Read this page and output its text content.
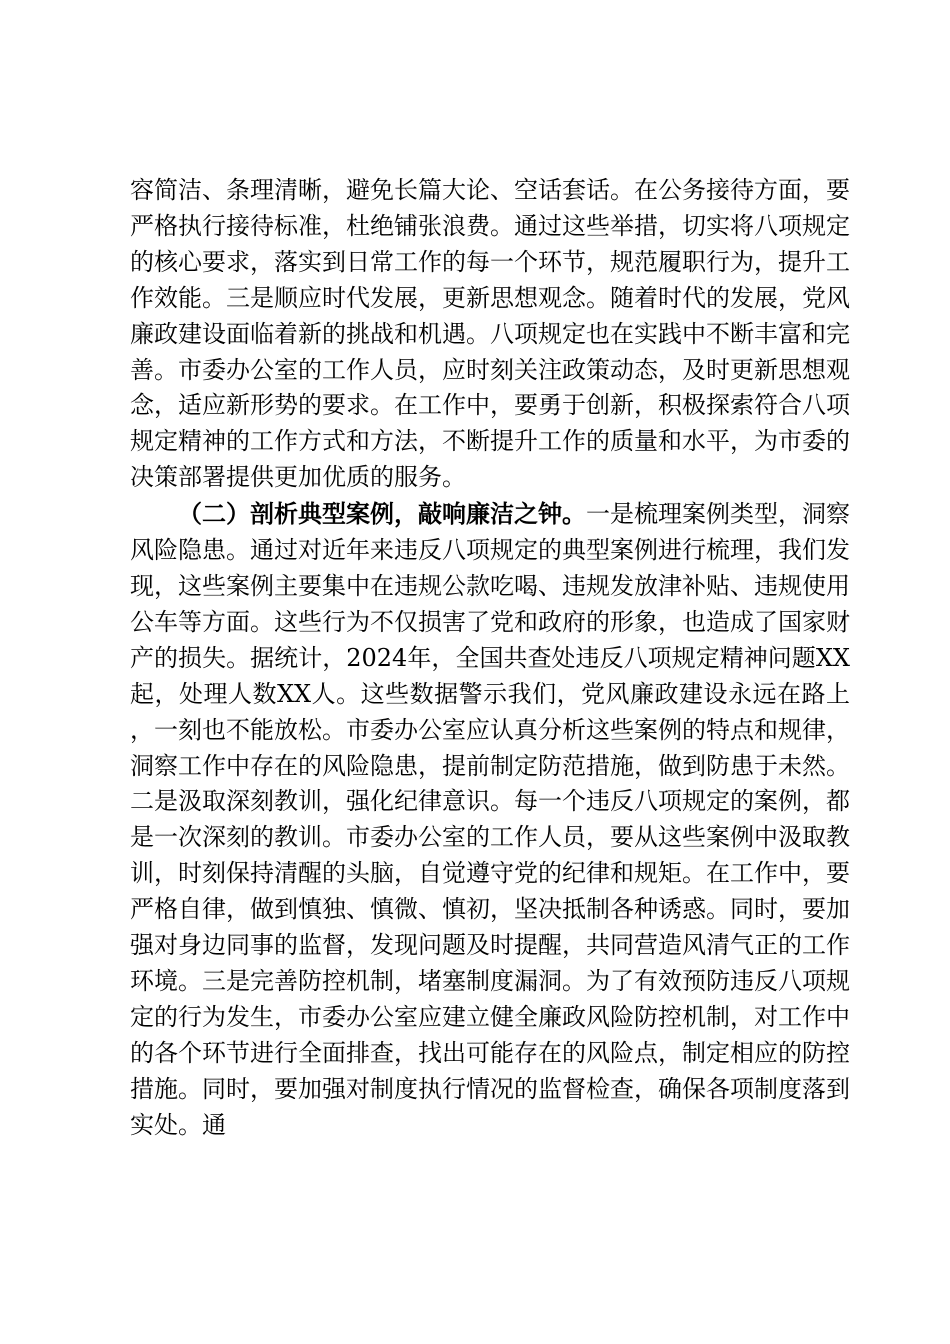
容简洁、条理清晰，避免长篇大论、空话套话。在公务接待方面，要严格执行接待标准，杜绝铺张浪费。通过这些举措，切实将八项规定的核心要求，落实到日常工作的每一个环节，规范履职行为，提升工作效能。三是顺应时代发展，更新思想观念。随着时代的发展，党风廉政建设面临着新的挑战和机遇。八项规定也在实践中不断丰富和完善。市委办公室的工作人员，应时刻关注政策动态，及时更新思想观念，适应新形势的要求。在工作中，要勇于创新，积极探索符合八项规定精神的工作方式和方法，不断提升工作的质量和水平，为市委的决策部署提供更加优质的服务。

（二）剖析典型案例，敲响廉洁之钟。一是梳理案例类型，洞察风险隐患。通过对近年来违反八项规定的典型案例进行梳理，我们发现，这些案例主要集中在违规公款吃喝、违规发放津补贴、违规使用公车等方面。这些行为不仅损害了党和政府的形象，也造成了国家财产的损失。据统计，2024年，全国共查处违反八项规定精神问题XX起，处理人数XX人。这些数据警示我们，党风廉政建设永远在路上，一刻也不能放松。市委办公室应认真分析这些案例的特点和规律，洞察工作中存在的风险隐患，提前制定防范措施，做到防患于未然。二是汲取深刻教训，强化纪律意识。每一个违反八项规定的案例，都是一次深刻的教训。市委办公室的工作人员，要从这些案例中汲取教训，时刻保持清醒的头脑，自觉遵守党的纪律和规矩。在工作中，要严格自律，做到慎独、慎微、慎初，坚决抵制各种诱惑。同时，要加强对身边同事的监督，发现问题及时提醒，共同营造风清气正的工作环境。三是完善防控机制，堵塞制度漏洞。为了有效预防违反八项规定的行为发生，市委办公室应建立健全廉政风险防控机制，对工作中的各个环节进行全面排查，找出可能存在的风险点，制定相应的防控措施。同时，要加强对制度执行情况的监督检查，确保各项制度落到实处。通
